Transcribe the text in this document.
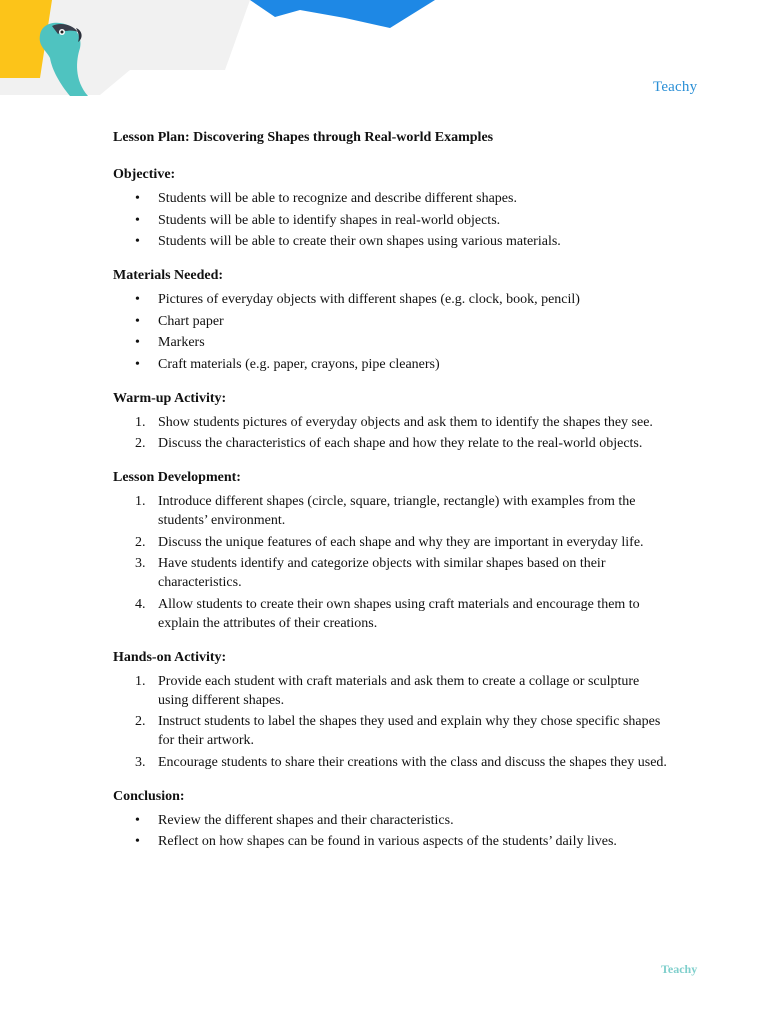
Teachy
Lesson Plan: Discovering Shapes through Real-world Examples
Objective:
• Students will be able to recognize and describe different shapes.
• Students will be able to identify shapes in real-world objects.
• Students will be able to create their own shapes using various materials.
Materials Needed:
• Pictures of everyday objects with different shapes (e.g. clock, book, pencil)
• Chart paper
• Markers
• Craft materials (e.g. paper, crayons, pipe cleaners)
Warm-up Activity:
Show students pictures of everyday objects and ask them to identify the shapes they see.
Discuss the characteristics of each shape and how they relate to the real-world objects.
Lesson Development:
Introduce different shapes (circle, square, triangle, rectangle) with examples from the students’ environment.
Discuss the unique features of each shape and why they are important in everyday life.
Have students identify and categorize objects with similar shapes based on their characteristics.
Allow students to create their own shapes using craft materials and encourage them to explain the attributes of their creations.
Hands-on Activity:
Provide each student with craft materials and ask them to create a collage or sculpture using different shapes.
Instruct students to label the shapes they used and explain why they chose specific shapes for their artwork.
Encourage students to share their creations with the class and discuss the shapes they used.
Conclusion:
• Review the different shapes and their characteristics.
• Reflect on how shapes can be found in various aspects of the students’ daily lives.
Teachy
